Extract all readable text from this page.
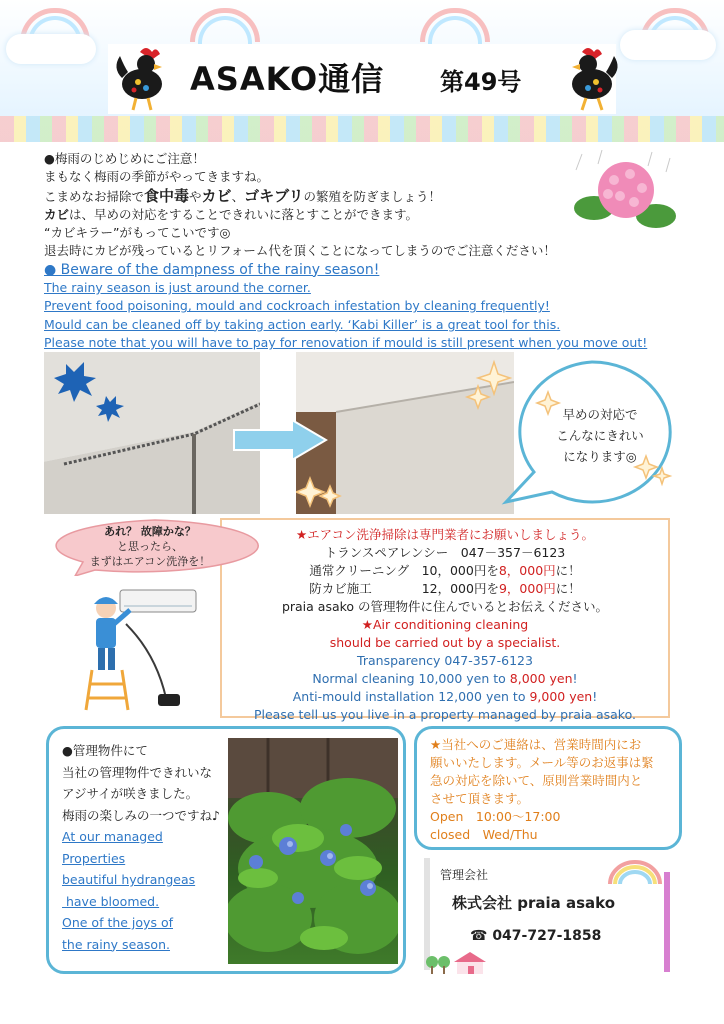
ASAKO通信 第49号
●梅雨のじめじめにご注意！
まもなく梅雨の季節がやってきますね。
こまめなお掃除で食中毒やカビ、ゴキブリの繁殖を防ぎましょう！
カビは、早めの対応をすることできれいに落とすことができます。
“カビキラー”がもってこいです◎
退去時にカビが残っているとリフォーム代を頂くことになってしまうのでご注意ください！
● Beware of the dampness of the rainy season!
The rainy season is just around the corner.
Prevent food poisoning, mould and cockroach infestation by cleaning frequently!
Mould can be cleaned off by taking action early. ‘Kabi Killer’ is a great tool for this.
Please note that you will have to pay for renovation if mould is still present when you move out!
早めの対応で
こんなにきれい
になります◎
あれ？ 故障かな？
と思ったら、
まずはエアコン洗浄を！
★エアコン洗浄掃除は専門業者にお願いしましょう。
トランスペアレンシー　047－357－6123
通常クリーニング　10，000円を8，000円に！
防カビ施工　　　　12，000円を9，000円に！
praia asako の管理物件に住んでいるとお伝えください。
★Air conditioning cleaning
should be carried out by a specialist.
Transparency 047-357-6123
Normal cleaning 10,000 yen to 8,000 yen!
Anti-mould installation 12,000 yen to 9,000 yen!
Please tell us you live in a property managed by praia asako.
●管理物件にて
当社の管理物件できれいな
アジサイが咲きました。
梅雨の楽しみの一つですね♪
At our managed
Properties
beautiful hydrangeas
have bloomed.
One of the joys of
the rainy season.
★当社へのご連絡は、営業時間内にお
願いいたします。メール等のお返事は緊
急の対応を除いて、原則営業時間内と
させて頂きます。
Open　10:00～17:00
closed　Wed/Thu
管理会社
株式会社 praia asako
☎ 047-727-1858
